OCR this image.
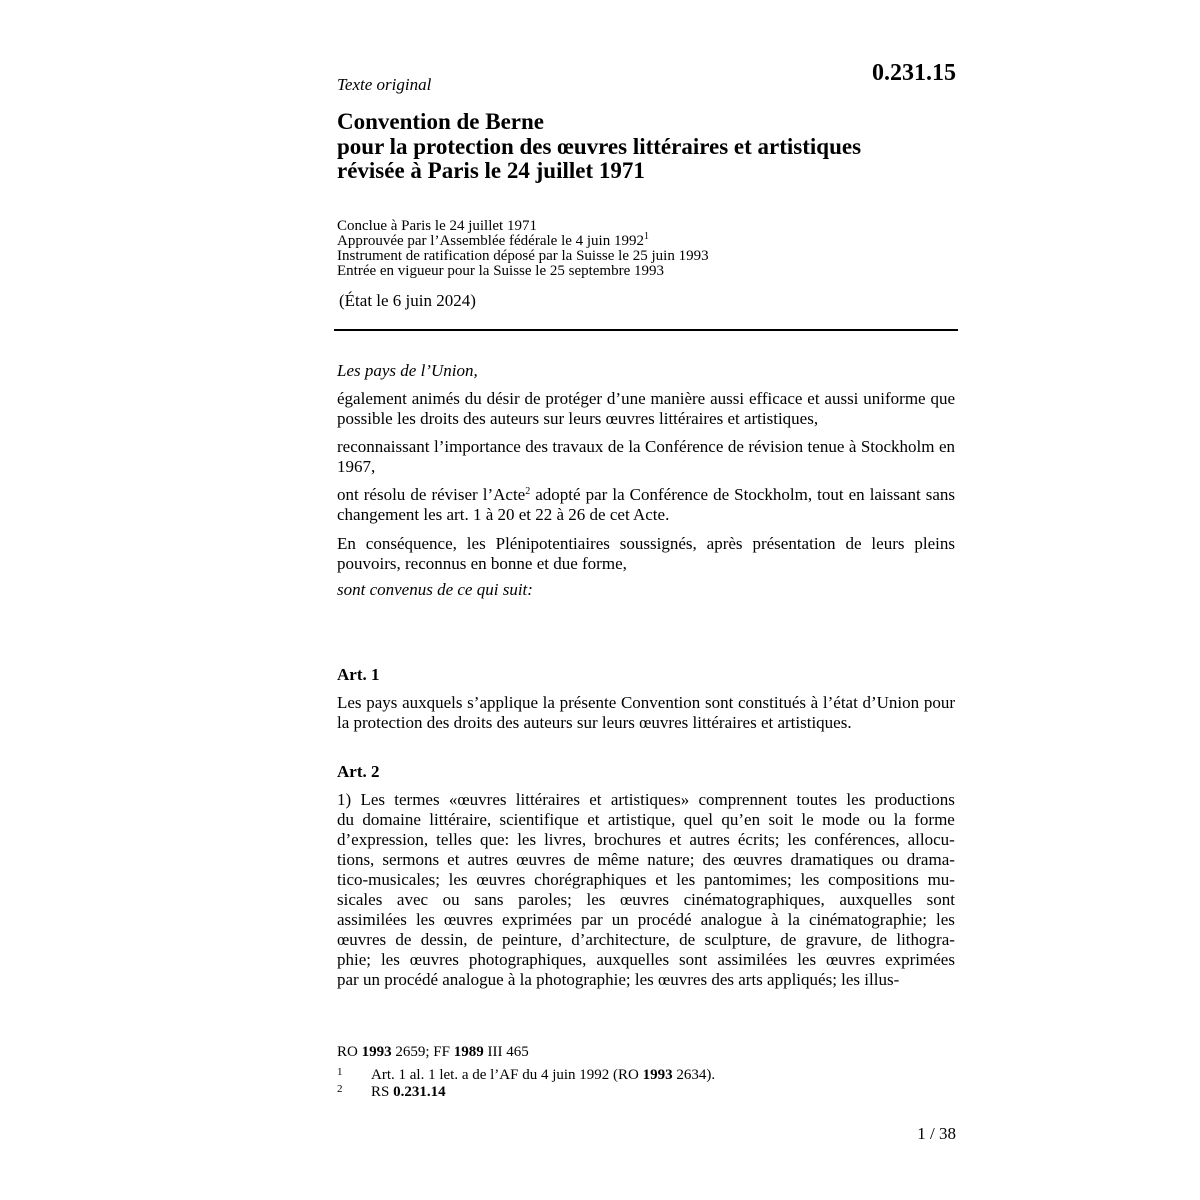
0.231.15
Texte original
Convention de Berne
pour la protection des œuvres littéraires et artistiques
révisée à Paris le 24 juillet 1971
Conclue à Paris le 24 juillet 1971
Approuvée par l’Assemblée fédérale le 4 juin 1992$^1$
Instrument de ratification déposé par la Suisse le 25 juin 1993
Entrée en vigueur pour la Suisse le 25 septembre 1993
(État le 6 juin 2024)
Les pays de l’Union,
également animés du désir de protéger d’une manière aussi efficace et aussi uniforme que possible les droits des auteurs sur leurs œuvres littéraires et artistiques,
reconnaissant l’importance des travaux de la Conférence de révision tenue à Stockholm en 1967,
ont résolu de réviser l’Acte$^2$ adopté par la Conférence de Stockholm, tout en laissant sans changement les art. 1 à 20 et 22 à 26 de cet Acte.
En conséquence, les Plénipotentiaires soussignés, après présentation de leurs pleins pouvoirs, reconnus en bonne et due forme,
sont convenus de ce qui suit:
Art. 1
Les pays auxquels s’applique la présente Convention sont constitués à l’état d’Union pour la protection des droits des auteurs sur leurs œuvres littéraires et artistiques.
Art. 2
1) Les termes «œuvres littéraires et artistiques» comprennent toutes les productions
du domaine littéraire, scientifique et artistique, quel qu’en soit le mode ou la forme
d’expression, telles que: les livres, brochures et autres écrits; les conférences, allocu-
tions, sermons et autres œuvres de même nature; des œuvres dramatiques ou drama-
tico-musicales; les œuvres chorégraphiques et les pantomimes; les compositions mu-
sicales avec ou sans paroles; les œuvres cinématographiques, auxquelles sont
assimilées les œuvres exprimées par un procédé analogue à la cinématographie; les
œuvres de dessin, de peinture, d’architecture, de sculpture, de gravure, de lithogra-
phie; les œuvres photographiques, auxquelles sont assimilées les œuvres exprimées
par un procédé analogue à la photographie; les œuvres des arts appliqués; les illus-
RO 1993 2659; FF 1989 III 465
1 Art. 1 al. 1 let. a de l’AF du 4 juin 1992 (RO 1993 2634).
2 RS 0.231.14
1 / 38
